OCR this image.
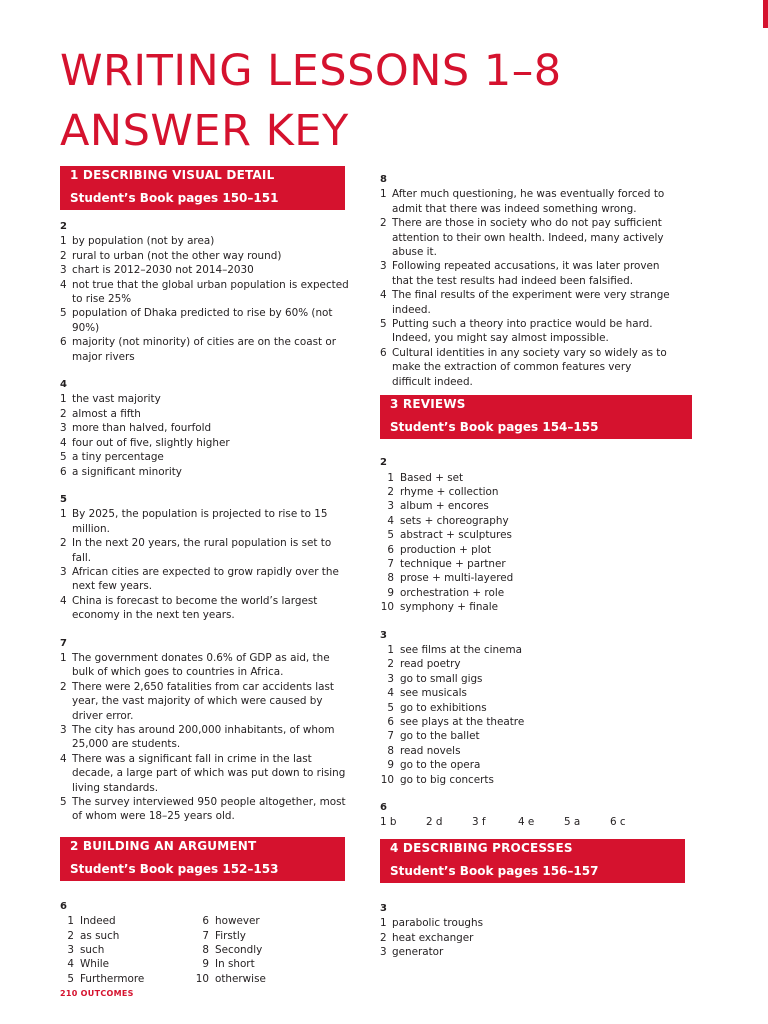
WRITING LESSONS 1–8
ANSWER KEY
1 DESCRIBING VISUAL DETAIL
Student’s Book pages 150–151
2
1 by population (not by area)
2 rural to urban (not the other way round)
3 chart is 2012–2030 not 2014–2030
4 not true that the global urban population is expected to rise 25%
5 population of Dhaka predicted to rise by 60% (not 90%)
6 majority (not minority) of cities are on the coast or major rivers
4
1 the vast majority
2 almost a fifth
3 more than halved, fourfold
4 four out of five, slightly higher
5 a tiny percentage
6 a significant minority
5
1 By 2025, the population is projected to rise to 15 million.
2 In the next 20 years, the rural population is set to fall.
3 African cities are expected to grow rapidly over the next few years.
4 China is forecast to become the world’s largest economy in the next ten years.
7
1 The government donates 0.6% of GDP as aid, the bulk of which goes to countries in Africa.
2 There were 2,650 fatalities from car accidents last year, the vast majority of which were caused by driver error.
3 The city has around 200,000 inhabitants, of whom 25,000 are students.
4 There was a significant fall in crime in the last decade, a large part of which was put down to rising living standards.
5 The survey interviewed 950 people altogether, most of whom were 18–25 years old.
2 BUILDING AN ARGUMENT
Student’s Book pages 152–153
6
1 Indeed
2 as such
3 such
4 While
5 Furthermore
6 however
7 Firstly
8 Secondly
9 In short
10 otherwise
8
1 After much questioning, he was eventually forced to admit that there was indeed something wrong.
2 There are those in society who do not pay sufficient attention to their own health. Indeed, many actively abuse it.
3 Following repeated accusations, it was later proven that the test results had indeed been falsified.
4 The final results of the experiment were very strange indeed.
5 Putting such a theory into practice would be hard. Indeed, you might say almost impossible.
6 Cultural identities in any society vary so widely as to make the extraction of common features very difficult indeed.
3 REVIEWS
Student’s Book pages 154–155
2
1 Based + set
2 rhyme + collection
3 album + encores
4 sets + choreography
5 abstract + sculptures
6 production + plot
7 technique + partner
8 prose + multi-layered
9 orchestration + role
10 symphony + finale
3
1 see films at the cinema
2 read poetry
3 go to small gigs
4 see musicals
5 go to exhibitions
6 see plays at the theatre
7 go to the ballet
8 read novels
9 go to the opera
10 go to big concerts
6
1 b	2 d	3 f	4 e	5 a	6 c
4 DESCRIBING PROCESSES
Student’s Book pages 156–157
3
1 parabolic troughs
2 heat exchanger
3 generator
210 OUTCOMES
